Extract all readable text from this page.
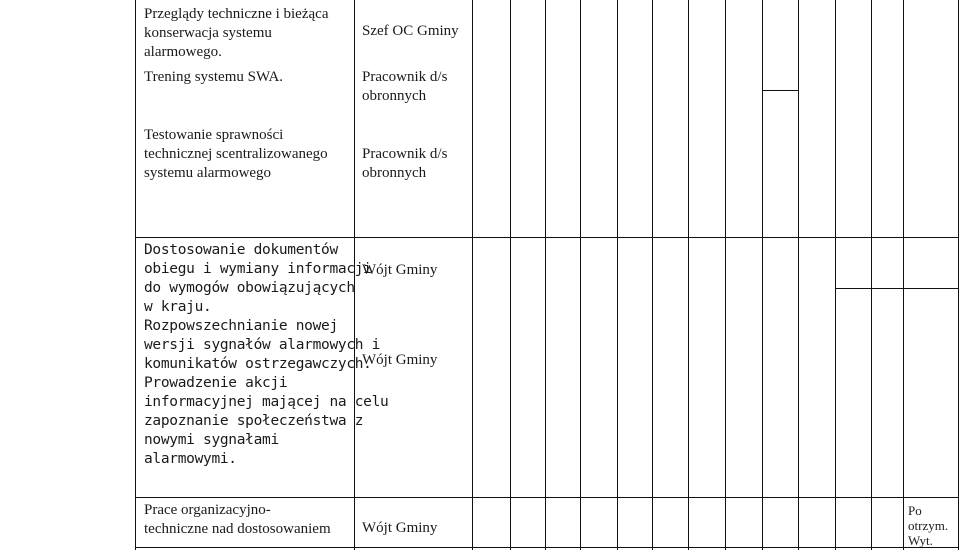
Przeglądy techniczne i bieżąca
konserwacja systemu
alarmowego.
Szef OC Gminy
Trening systemu SWA.	Pracownik d/s
obronnych
Testowanie sprawności
technicznej scentralizowanego
systemu alarmowego
Pracownik d/s
obronnych
Dostosowanie dokumentów
obiegu i wymiany informacji
do wymogów obowiązujących
w kraju.
Rozpowszechnianie nowej
wersji sygnałów alarmowych i
komunikatów ostrzegawczych.
Prowadzenie akcji
informacyjnej mającej na celu
zapoznanie społeczeństwa z
nowymi sygnałami
alarmowymi.
Wójt Gminy
Wójt Gminy
Prace organizacyjno-
techniczne nad dostosowaniem Wójt Gminy
Po
otrzym.
Wyt.
